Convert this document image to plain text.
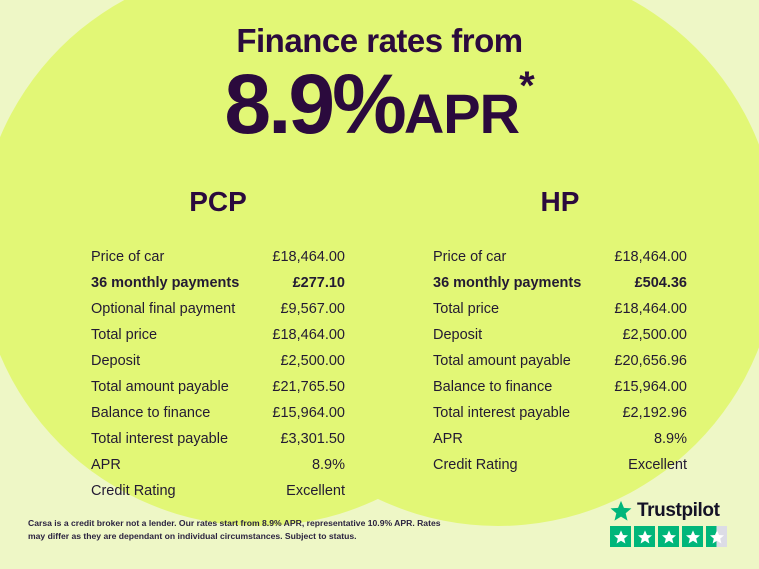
Finance rates from
8.9%APR*
PCP
Price of car	£18,464.00
36 monthly payments	£277.10
Optional final payment	£9,567.00
Total price	£18,464.00
Deposit	£2,500.00
Total amount payable	£21,765.50
Balance to finance	£15,964.00
Total interest payable	£3,301.50
APR	8.9%
Credit Rating	Excellent
HP
Price of car	£18,464.00
36 monthly payments	£504.36
Total price	£18,464.00
Deposit	£2,500.00
Total amount payable	£20,656.96
Balance to finance	£15,964.00
Total interest payable	£2,192.96
APR	8.9%
Credit Rating	Excellent
Carsa is a credit broker not a lender. Our rates start from 8.9% APR, representative 10.9% APR. Rates may differ as they are dependant on individual circumstances. Subject to status.
Trustpilot
